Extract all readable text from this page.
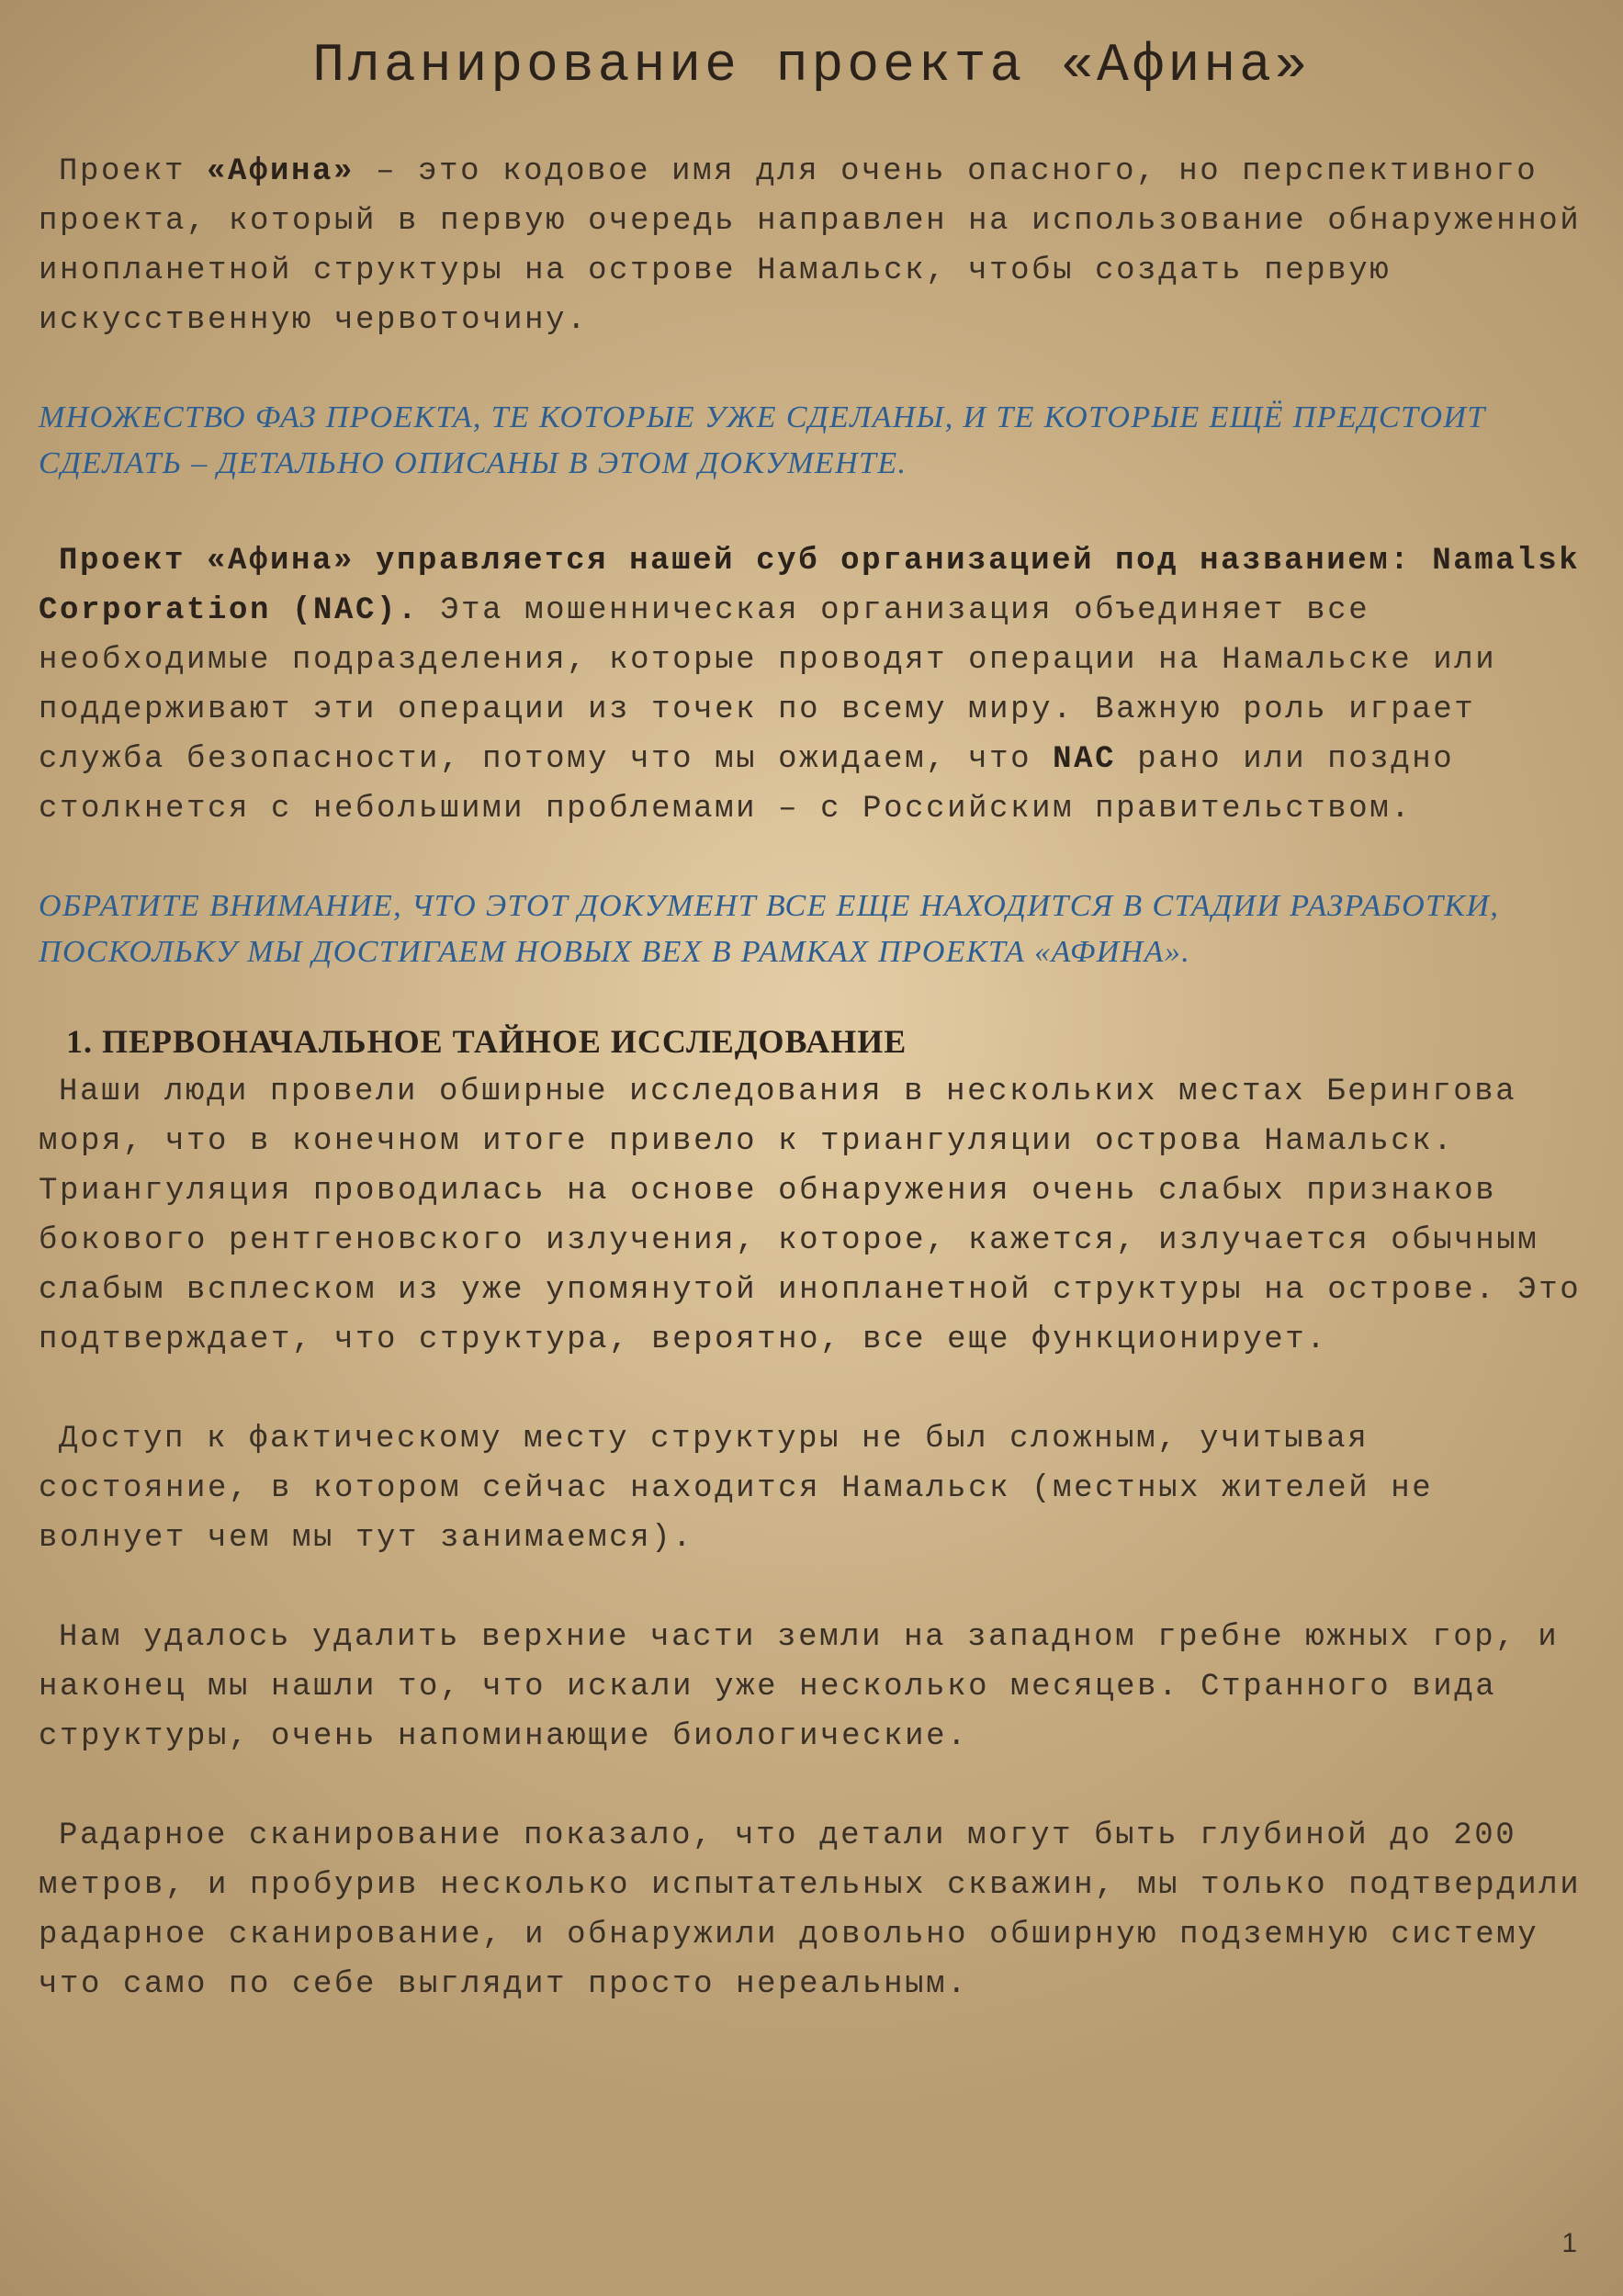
Планирование проекта «Афина»

Проект «Афина» – это кодовое имя для очень опасного, но перспективного проекта, который в первую очередь направлен на использование обнаруженной инопланетной структуры на острове Намальск, чтобы создать первую искусственную червоточину.

МНОЖЕСТВО ФАЗ ПРОЕКТА, ТЕ КОТОРЫЕ УЖЕ СДЕЛАНЫ, И ТЕ КОТОРЫЕ ЕЩЁ ПРЕДСТОИТ СДЕЛАТЬ – ДЕТАЛЬНО ОПИСАНЫ В ЭТОМ ДОКУМЕНТЕ.

Проект «Афина» управляется нашей суб организацией под названием: Namalsk Corporation (NAC). Эта мошенническая организация объединяет все необходимые подразделения, которые проводят операции на Намальске или поддерживают эти операции из точек по всему миру. Важную роль играет служба безопасности, потому что мы ожидаем, что NAC рано или поздно столкнется с небольшими проблемами – с Российским правительством.

ОБРАТИТЕ ВНИМАНИЕ, ЧТО ЭТОТ ДОКУМЕНТ ВСЕ ЕЩЕ НАХОДИТСЯ В СТАДИИ РАЗРАБОТКИ, ПОСКОЛЬКУ МЫ ДОСТИГАЕМ НОВЫХ ВЕХ В РАМКАХ ПРОЕКТА «АФИНА».

1. ПЕРВОНАЧАЛЬНОЕ ТАЙНОЕ ИССЛЕДОВАНИЕ

Наши люди провели обширные исследования в нескольких местах Берингова моря, что в конечном итоге привело к триангуляции острова Намальск. Триангуляция проводилась на основе обнаружения очень слабых признаков бокового рентгеновского излучения, которое, кажется, излучается обычным слабым всплеском из уже упомянутой инопланетной структуры на острове. Это подтверждает, что структура, вероятно, все еще функционирует.

Доступ к фактическому месту структуры не был сложным, учитывая состояние, в котором сейчас находится Намальск (местных жителей не волнует чем мы тут занимаемся).

Нам удалось удалить верхние части земли на западном гребне южных гор, и наконец мы нашли то, что искали уже несколько месяцев. Странного вида структуры, очень напоминающие биологические.

Радарное сканирование показало, что детали могут быть глубиной до 200 метров, и пробурив несколько испытательных скважин, мы только подтвердили радарное сканирование, и обнаружили довольно обширную подземную систему что само по себе выглядит просто нереальным.

1
